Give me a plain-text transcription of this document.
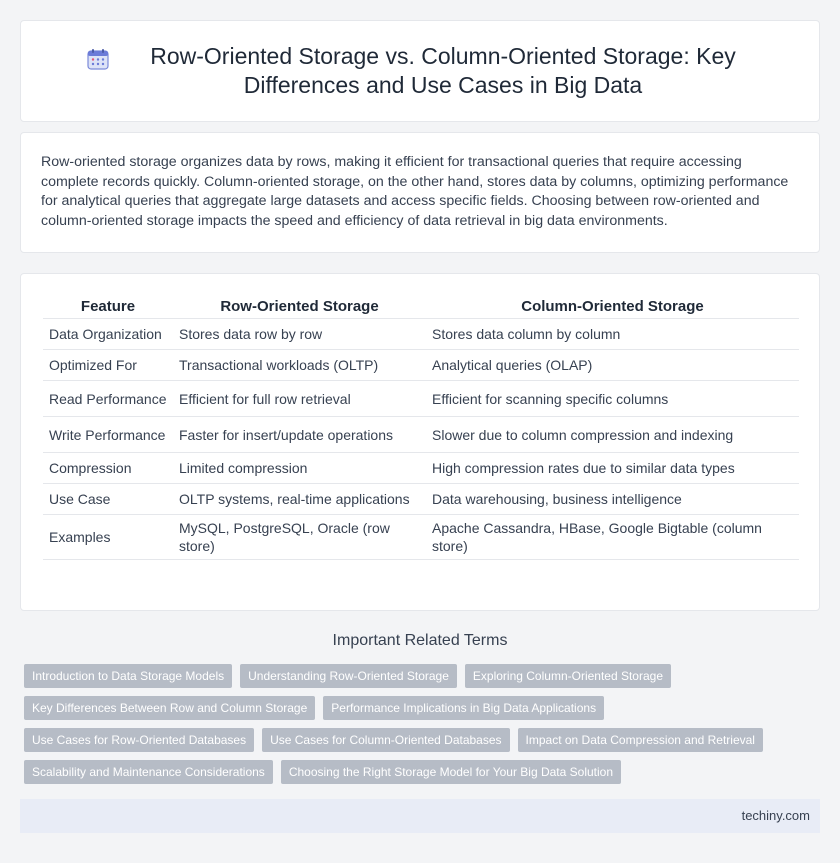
Row-Oriented Storage vs. Column-Oriented Storage: Key Differences and Use Cases in Big Data

Row-oriented storage organizes data by rows, making it efficient for transactional queries that require accessing complete records quickly. Column-oriented storage, on the other hand, stores data by columns, optimizing performance for analytical queries that aggregate large datasets and access specific fields. Choosing between row-oriented and column-oriented storage impacts the speed and efficiency of data retrieval in big data environments.

Feature	Row-Oriented Storage	Column-Oriented Storage
Data Organization	Stores data row by row	Stores data column by column
Optimized For	Transactional workloads (OLTP)	Analytical queries (OLAP)
Read Performance	Efficient for full row retrieval	Efficient for scanning specific columns
Write Performance	Faster for insert/update operations	Slower due to column compression and indexing
Compression	Limited compression	High compression rates due to similar data types
Use Case	OLTP systems, real-time applications	Data warehousing, business intelligence
Examples	MySQL, PostgreSQL, Oracle (row store)	Apache Cassandra, HBase, Google Bigtable (column store)
Important Related Terms
Introduction to Data Storage Models	Understanding Row-Oriented Storage	Exploring Column-Oriented Storage
Key Differences Between Row and Column Storage	Performance Implications in Big Data Applications
Use Cases for Row-Oriented Databases	Use Cases for Column-Oriented Databases	Impact on Data Compression and Retrieval
Scalability and Maintenance Considerations	Choosing the Right Storage Model for Your Big Data Solution
techiny.com
